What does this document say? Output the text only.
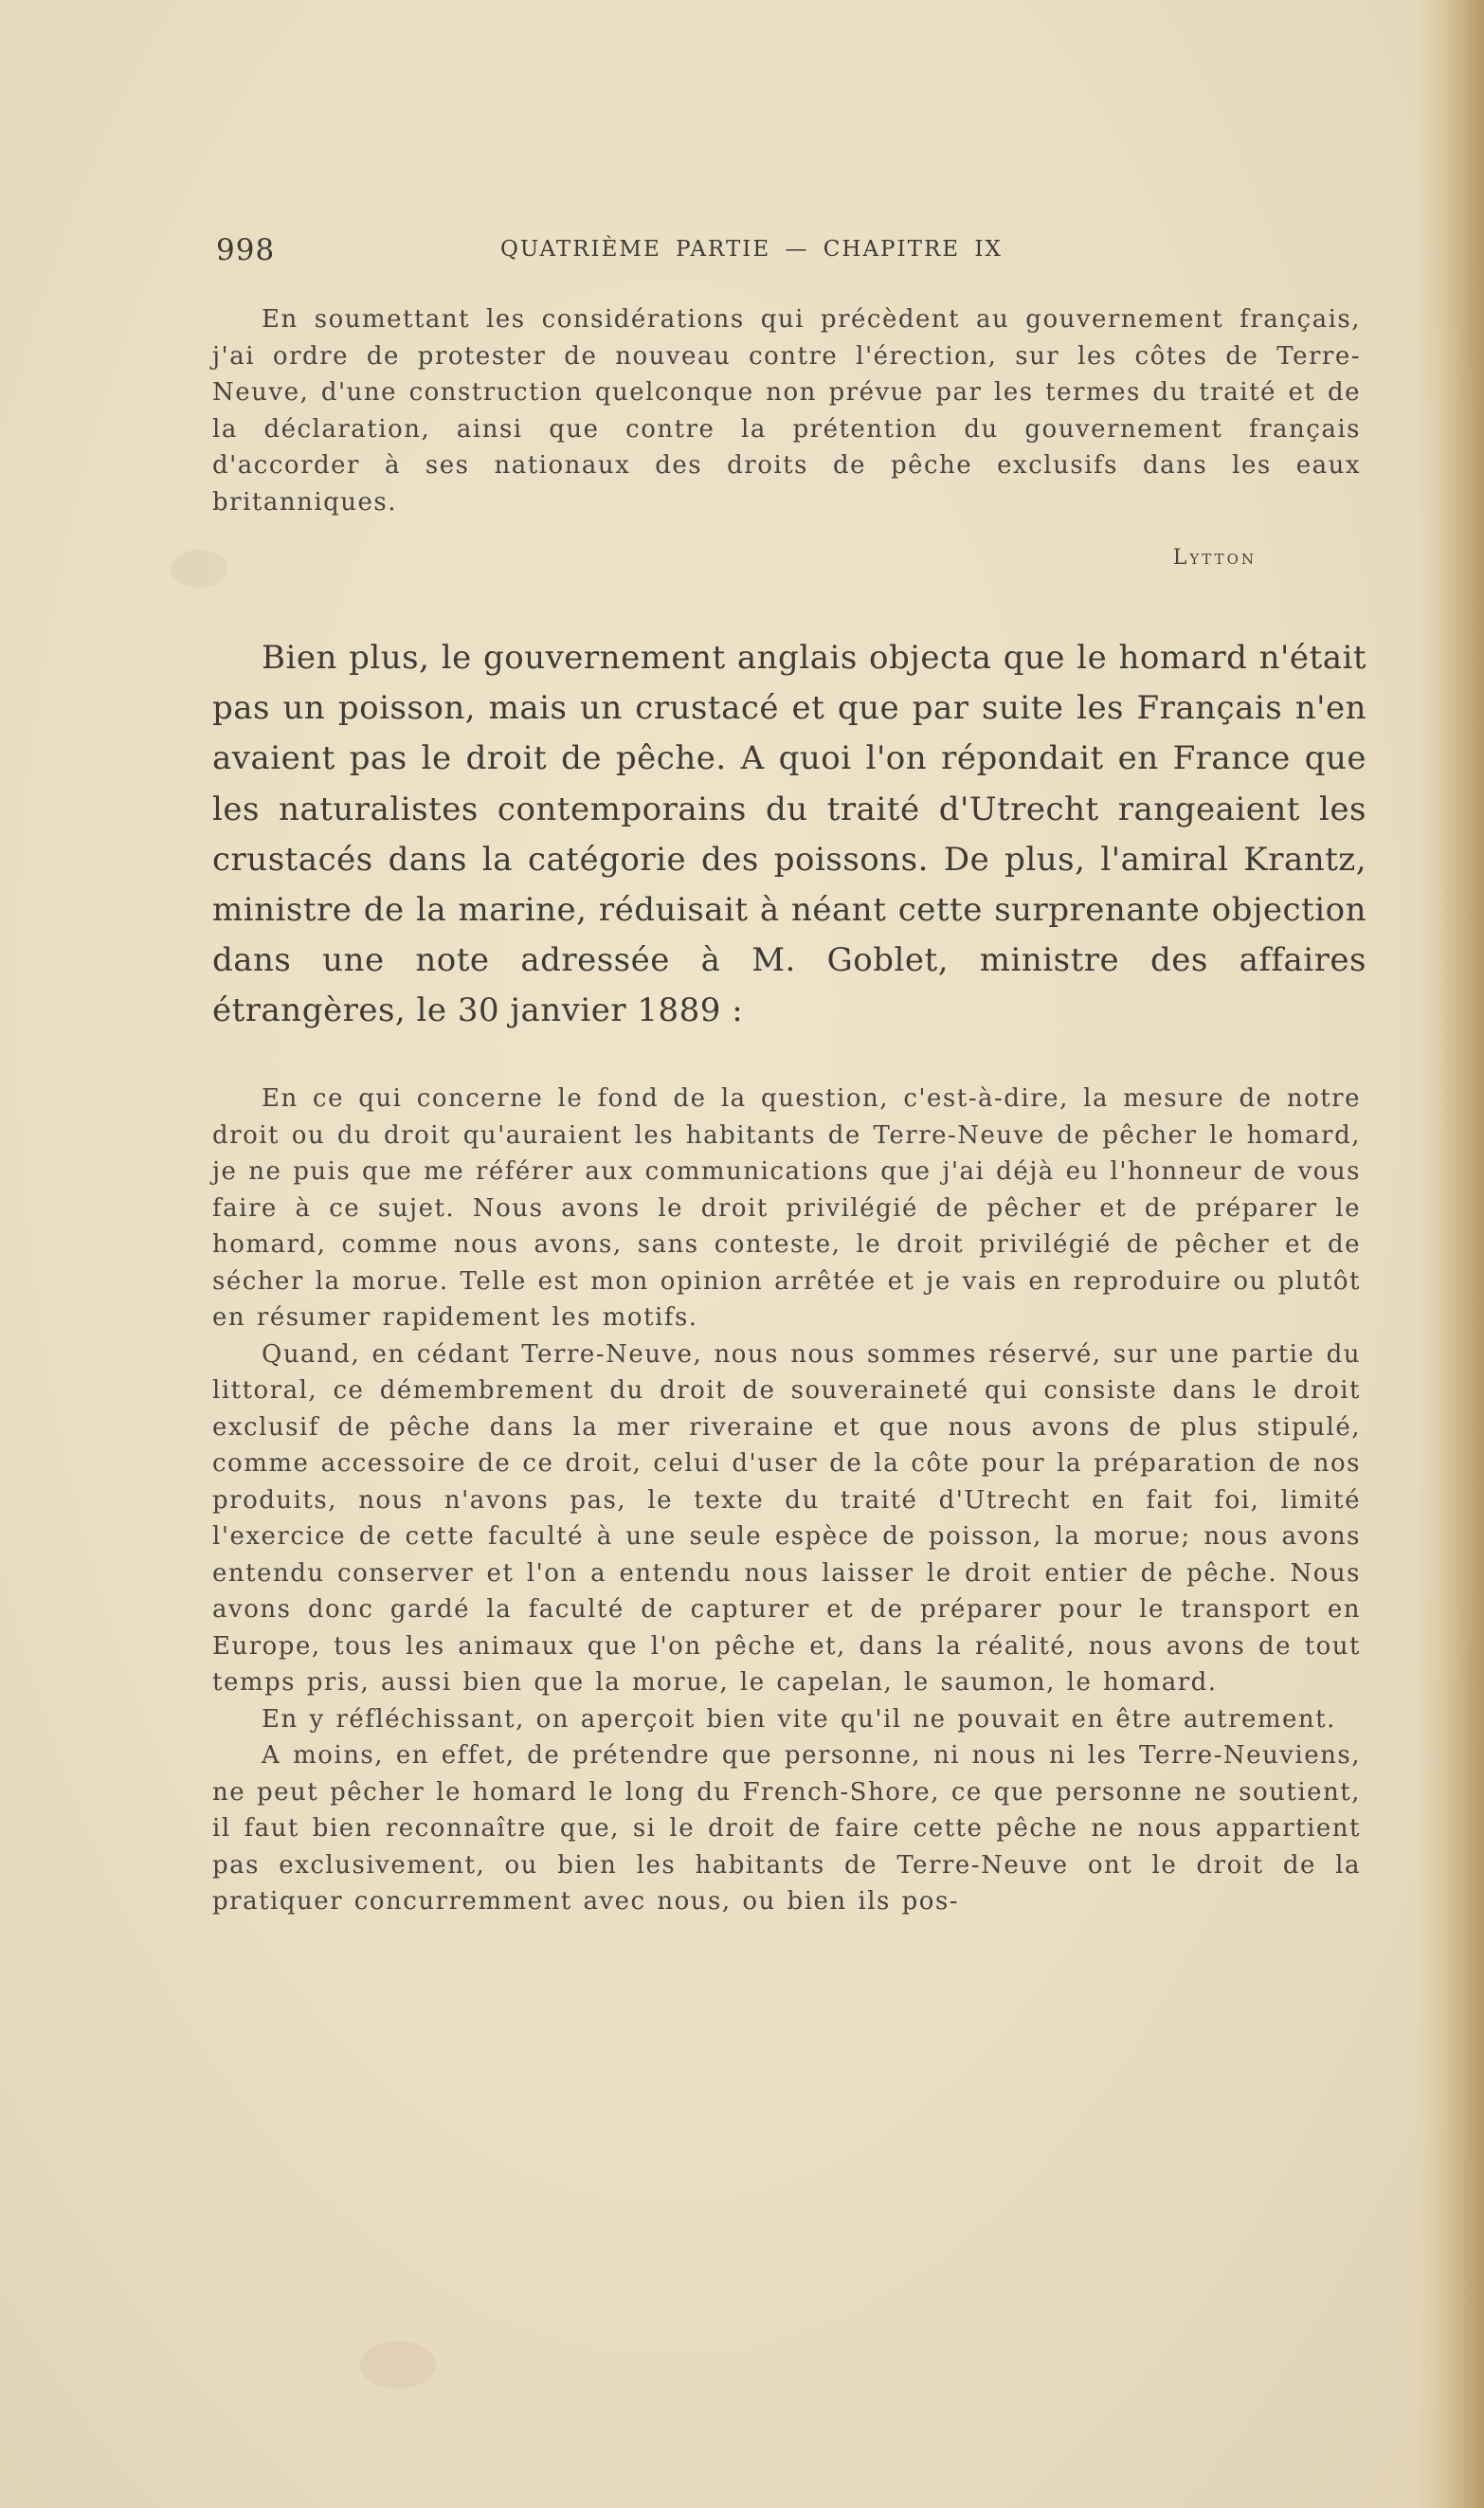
998	QUATRIÈME PARTIE — CHAPITRE IX

En soumettant les considérations qui précèdent au gouvernement français, j'ai ordre de protester de nouveau contre l'érection, sur les côtes de Terre-Neuve, d'une construction quelconque non prévue par les termes du traité et de la déclaration, ainsi que contre la prétention du gouvernement français d'accorder à ses nationaux des droits de pêche exclusifs dans les eaux britanniques.

Lytton

Bien plus, le gouvernement anglais objecta que le homard n'était pas un poisson, mais un crustacé et que par suite les Français n'en avaient pas le droit de pêche. A quoi l'on répondait en France que les naturalistes contemporains du traité d'Utrecht rangeaient les crustacés dans la catégorie des poissons. De plus, l'amiral Krantz, ministre de la marine, réduisait à néant cette surprenante objection dans une note adressée à M. Goblet, ministre des affaires étrangères, le 30 janvier 1889 :

En ce qui concerne le fond de la question, c'est-à-dire, la mesure de notre droit ou du droit qu'auraient les habitants de Terre-Neuve de pêcher le homard, je ne puis que me référer aux communications que j'ai déjà eu l'honneur de vous faire à ce sujet. Nous avons le droit privilégié de pêcher et de préparer le homard, comme nous avons, sans conteste, le droit privilégié de pêcher et de sécher la morue. Telle est mon opinion arrêtée et je vais en reproduire ou plutôt en résumer rapidement les motifs.

Quand, en cédant Terre-Neuve, nous nous sommes réservé, sur une partie du littoral, ce démembrement du droit de souveraineté qui consiste dans le droit exclusif de pêche dans la mer riveraine et que nous avons de plus stipulé, comme accessoire de ce droit, celui d'user de la côte pour la préparation de nos produits, nous n'avons pas, le texte du traité d'Utrecht en fait foi, limité l'exercice de cette faculté à une seule espèce de poisson, la morue; nous avons entendu conserver et l'on a entendu nous laisser le droit entier de pêche. Nous avons donc gardé la faculté de capturer et de préparer pour le transport en Europe, tous les animaux que l'on pêche et, dans la réalité, nous avons de tout temps pris, aussi bien que la morue, le capelan, le saumon, le homard.

En y réfléchissant, on aperçoit bien vite qu'il ne pouvait en être autrement.

A moins, en effet, de prétendre que personne, ni nous ni les Terre-Neuviens, ne peut pêcher le homard le long du French-Shore, ce que personne ne soutient, il faut bien reconnaître que, si le droit de faire cette pêche ne nous appartient pas exclusivement, ou bien les habitants de Terre-Neuve ont le droit de la pratiquer concurremment avec nous, ou bien ils pos-
